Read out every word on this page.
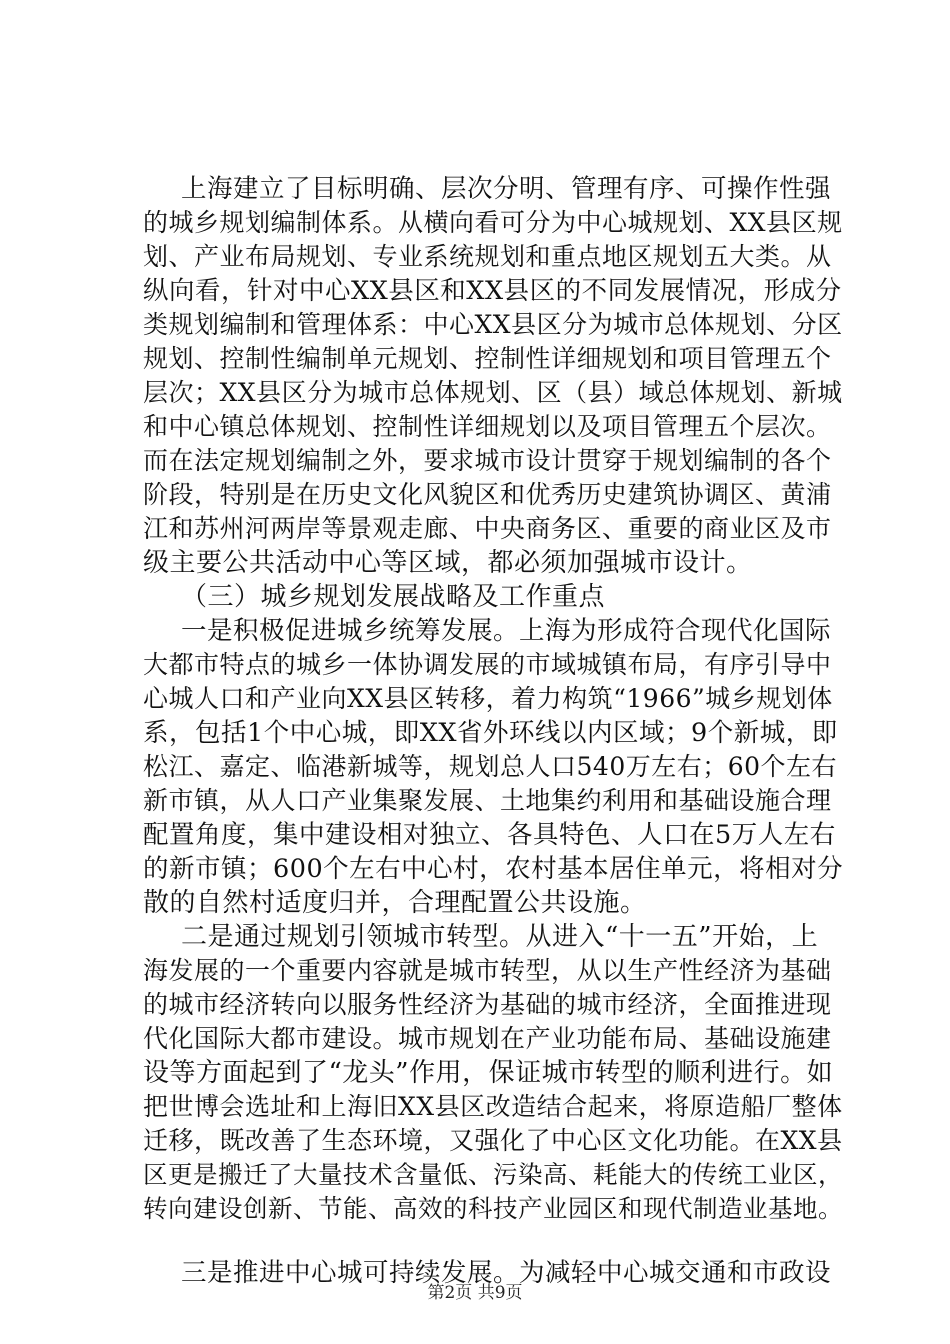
上海建立了目标明确、层次分明、管理有序、可操作性强
的城乡规划编制体系。从横向看可分为中心城规划、XX县区规
划、产业布局规划、专业系统规划和重点地区规划五大类。从
纵向看，针对中心XX县区和XX县区的不同发展情况，形成分
类规划编制和管理体系：中心XX县区分为城市总体规划、分区
规划、控制性编制单元规划、控制性详细规划和项目管理五个
层次；XX县区分为城市总体规划、区（县）域总体规划、新城
和中心镇总体规划、控制性详细规划以及项目管理五个层次。
而在法定规划编制之外，要求城市设计贯穿于规划编制的各个
阶段，特别是在历史文化风貌区和优秀历史建筑协调区、黄浦
江和苏州河两岸等景观走廊、中央商务区、重要的商业区及市
级主要公共活动中心等区域，都必须加强城市设计。
（三）城乡规划发展战略及工作重点
一是积极促进城乡统筹发展。上海为形成符合现代化国际
大都市特点的城乡一体协调发展的市域城镇布局，有序引导中
心城人口和产业向XX县区转移，着力构筑“1966”城乡规划体
系，包括1个中心城，即XX省外环线以内区域；9个新城，即
松江、嘉定、临港新城等，规划总人口540万左右；60个左右
新市镇，从人口产业集聚发展、土地集约利用和基础设施合理
配置角度，集中建设相对独立、各具特色、人口在5万人左右
的新市镇；600个左右中心村，农村基本居住单元，将相对分
散的自然村适度归并，合理配置公共设施。
二是通过规划引领城市转型。从进入“十一五”开始，上
海发展的一个重要内容就是城市转型，从以生产性经济为基础
的城市经济转向以服务性经济为基础的城市经济，全面推进现
代化国际大都市建设。城市规划在产业功能布局、基础设施建
设等方面起到了“龙头”作用，保证城市转型的顺利进行。如
把世博会选址和上海旧XX县区改造结合起来，将原造船厂整体
迁移，既改善了生态环境，又强化了中心区文化功能。在XX县
区更是搬迁了大量技术含量低、污染高、耗能大的传统工业区，
转向建设创新、节能、高效的科技产业园区和现代制造业基地。
三是推进中心城可持续发展。为减轻中心城交通和市政设
第2页 共9页
